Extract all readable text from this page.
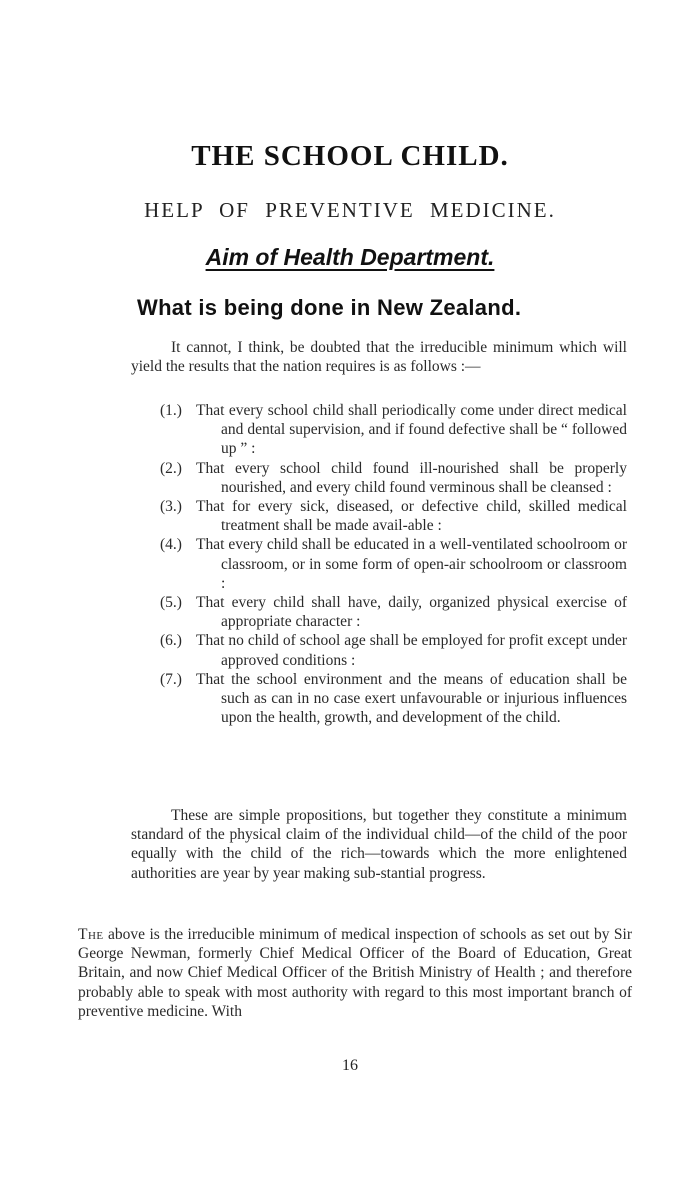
THE SCHOOL CHILD.
HELP OF PREVENTIVE MEDICINE.
Aim of Health Department.
What is being done in New Zealand.
It cannot, I think, be doubted that the irreducible minimum which will yield the results that the nation requires is as follows :—
(1.) That every school child shall periodically come under direct medical and dental supervision, and if found defective shall be “ followed up ” :
(2.) That every school child found ill-nourished shall be properly nourished, and every child found verminous shall be cleansed :
(3.) That for every sick, diseased, or defective child, skilled medical treatment shall be made avail-able :
(4.) That every child shall be educated in a well-ventilated schoolroom or classroom, or in some form of open-air schoolroom or classroom :
(5.) That every child shall have, daily, organized physical exercise of appropriate character :
(6.) That no child of school age shall be employed for profit except under approved conditions :
(7.) That the school environment and the means of education shall be such as can in no case exert unfavourable or injurious influences upon the health, growth, and development of the child.
These are simple propositions, but together they constitute a minimum standard of the physical claim of the individual child—of the child of the poor equally with the child of the rich—towards which the more enlightened authorities are year by year making sub-stantial progress.
The above is the irreducible minimum of medical inspection of schools as set out by Sir George Newman, formerly Chief Medical Officer of the Board of Education, Great Britain, and now Chief Medical Officer of the British Ministry of Health ; and therefore probably able to speak with most authority with regard to this most important branch of preventive medicine. With
16
